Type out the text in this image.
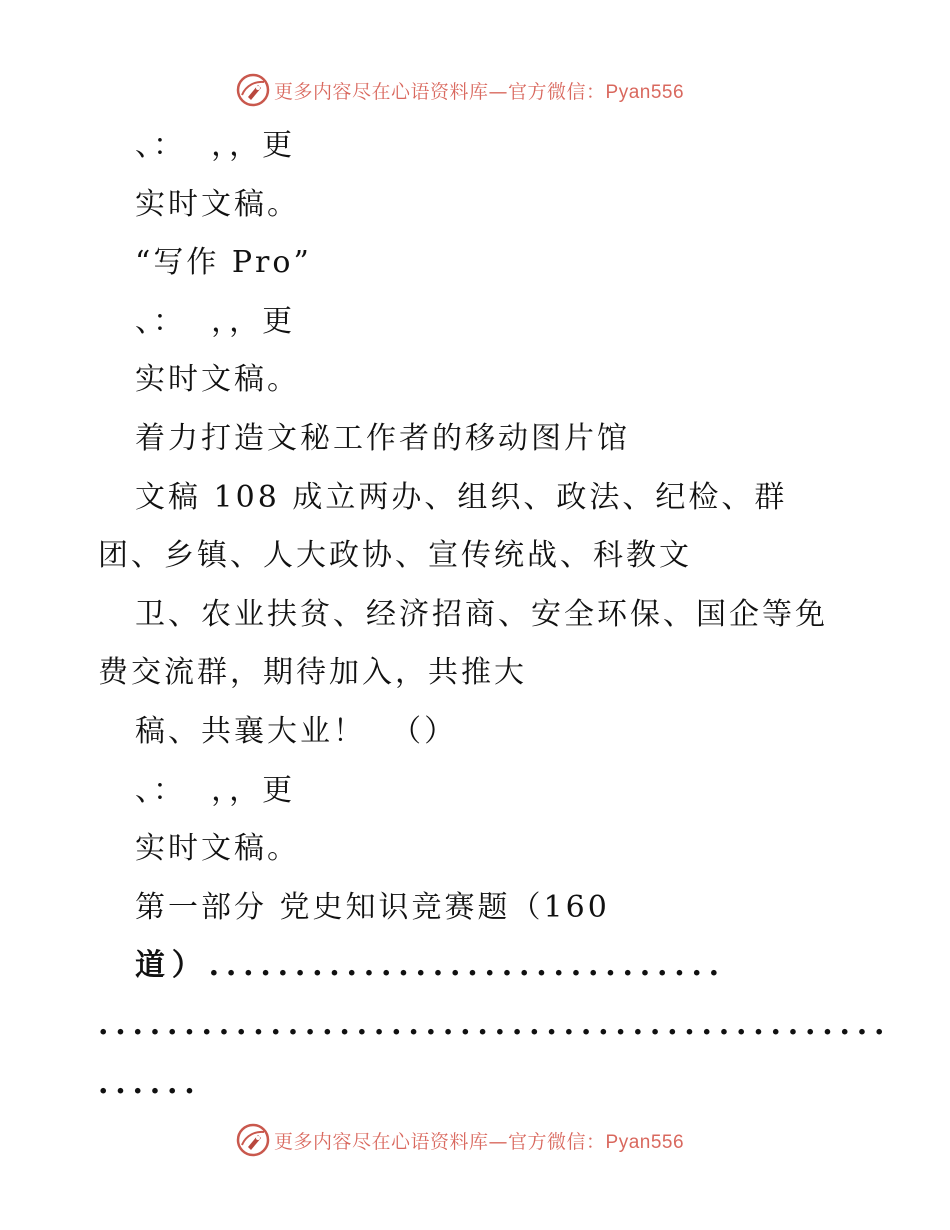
更多内容尽在心语资料库—官方微信：Pyan556
、：  ，，更
实时文稿。
“写作 Pro”
、：  ，，更
实时文稿。
着力打造文秘工作者的移动图片馆
文稿 108 成立两办、组织、政法、纪检、群
团、乡镇、人大政协、宣传统战、科教文
卫、农业扶贫、经济招商、安全环保、国企等免
费交流群，期待加入，共推大
稿、共襄大业！  （）
、：  ，，更
实时文稿。
第一部分 党史知识竞赛题（160
道）..............................
..............................................
......
更多内容尽在心语资料库—官方微信：Pyan556
